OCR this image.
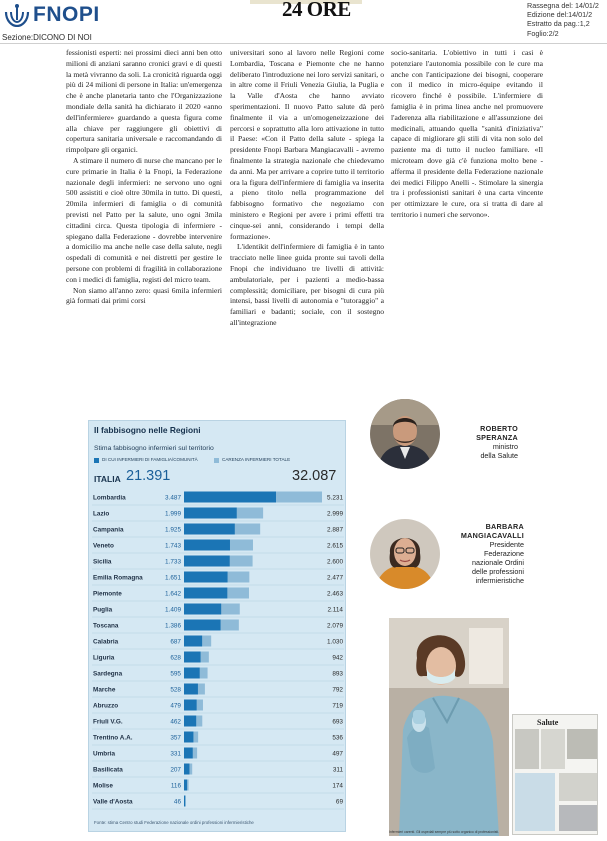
FNOPI
Sezione:DICONO DI NOI
24 ORE	Rassegna del: 14/01/2
Edizione del:14/01/2
Estratto da pag.:1,2
Foglio:2/2

fessionisti esperti: nei prossimi dieci anni ben otto milioni di anziani saranno cronici gravi e di questi la metà vivranno da soli. La cronicità riguarda oggi più di 24 milioni di persone in Italia: un'emergenza che è anche planetaria tanto che l'Organizzazione mondiale della sanità ha dichiarato il 2020 «anno dell'infermiere» guardando a questa figura come alla chiave per raggiungere gli obiettivi di copertura sanitaria universale e raccomandando di rimpolpare gli organici.

A stimare il numero di nurse che mancano per le cure primarie in Italia è la Fnopi, la Federazione nazionale degli infermieri: ne servono uno ogni 500 assistiti e cioè oltre 30mila in tutto. Di questi, 20mila infermieri di famiglia o di comunità previsti nel Patto per la salute, uno ogni 3mila cittadini circa. Questa tipologia di infermiere - spiegano dalla Federazione - dovrebbe intervenire a domicilio ma anche nelle case della salute, negli ospedali di comunità e nei distretti per gestire le persone con problemi di fragilità in collaborazione con i medici di famiglia, registi del micro team.

Non siamo all'anno zero: quasi 6mila infermieri già formati dai primi corsi

universitari sono al lavoro nelle Regioni come Lombardia, Toscana e Piemonte che ne hanno deliberato l'introduzione nei loro servizi sanitari, o in altre come il Friuli Venezia Giulia, la Puglia e la Valle d'Aosta che hanno avviato sperimentazioni. Il nuovo Patto salute dà però finalmente il via a un'omogeneizzazione dei percorsi e soprattutto alla loro attivazione in tutto il Paese: «Con il Patto della salute - spiega la presidente Fnopi Barbara Mangiacavalli - avremo finalmente la strategia nazionale che chiedevamo da anni. Ma per arrivare a coprire tutto il territorio ora la figura dell'infermiere di famiglia va inserita a pieno titolo nella programmazione del fabbisogno formativo che negoziamo con ministero e Regioni per avere i primi effetti tra cinque-sei anni, considerando i tempi della formazione».

L'identikit dell'infermiere di famiglia è in tanto tracciato nelle linee guida pronte sui tavoli della Fnopi che individuano tre livelli di attività: ambulatoriale, per i pazienti a medio-bassa complessità; domiciliare, per bisogni di cura più intensi, bassi livelli di autonomia e "tutoraggio" a familiari e badanti; sociale, con il sostegno all'integrazione

socio-sanitaria. L'obiettivo in tutti i casi è potenziare l'autonomia possibile con le cure ma anche con l'anticipazione dei bisogni, cooperare con il medico in micro-équipe evitando il ricovero finché è possibile. L'infermiere di famiglia è in prima linea anche nel promuovere l'aderenza alla riabilitazione e all'assunzione dei medicinali, attuando quella "sanità d'iniziativa" capace di migliorare gli stili di vita non solo del paziente ma di tutto il nucleo familiare. «Il microteam dove già c'è funziona molto bene - afferma il presidente della Federazione nazionale dei medici Filippo Anelli -. Stimolare la sinergia tra i professionisti sanitari è una carta vincente per ottimizzare le cure, ora si tratta di dare al territorio i numeri che servono».

Il fabbisogno nelle Regioni
Stima fabbisogno infermieri sul territorio
DI CUI INFERMIERI DI FAMIGLIA/COMUNITÀ	CARENZA INFERMIERI TOTALE
ITALIA 21.391	32.087
Lombardia	3.487	5.231
Lazio	1.999	2.999
Campania	1.925	2.887
Veneto	1.743	2.615
Sicilia	1.733	2.600
Emilia Romagna	1.651	2.477
Piemonte	1.642	2.463
Puglia	1.409	2.114
Toscana	1.386	2.079
Calabria	687	1.030
Liguria	628	942
Sardegna	595	893
Marche	528	792
Abruzzo	479	719
Friuli V.G.	462	693
Trentino A.A.	357	536
Umbria	331	497
Basilicata	207	311
Molise	116	174
Valle d'Aosta	46	69
Fonte: stima Centro studi Federazione nazionale ordini professioni infermieristiche
ROBERTO
SPERANZA
ministro
della Salute
BARBARA
MANGIACAVALLI
Presidente
Federazione
nazionale Ordini
delle professioni
infermieristiche
Infermieri carenti. Gli ospedali sempre più sotto organico di professionisti.
Salute
